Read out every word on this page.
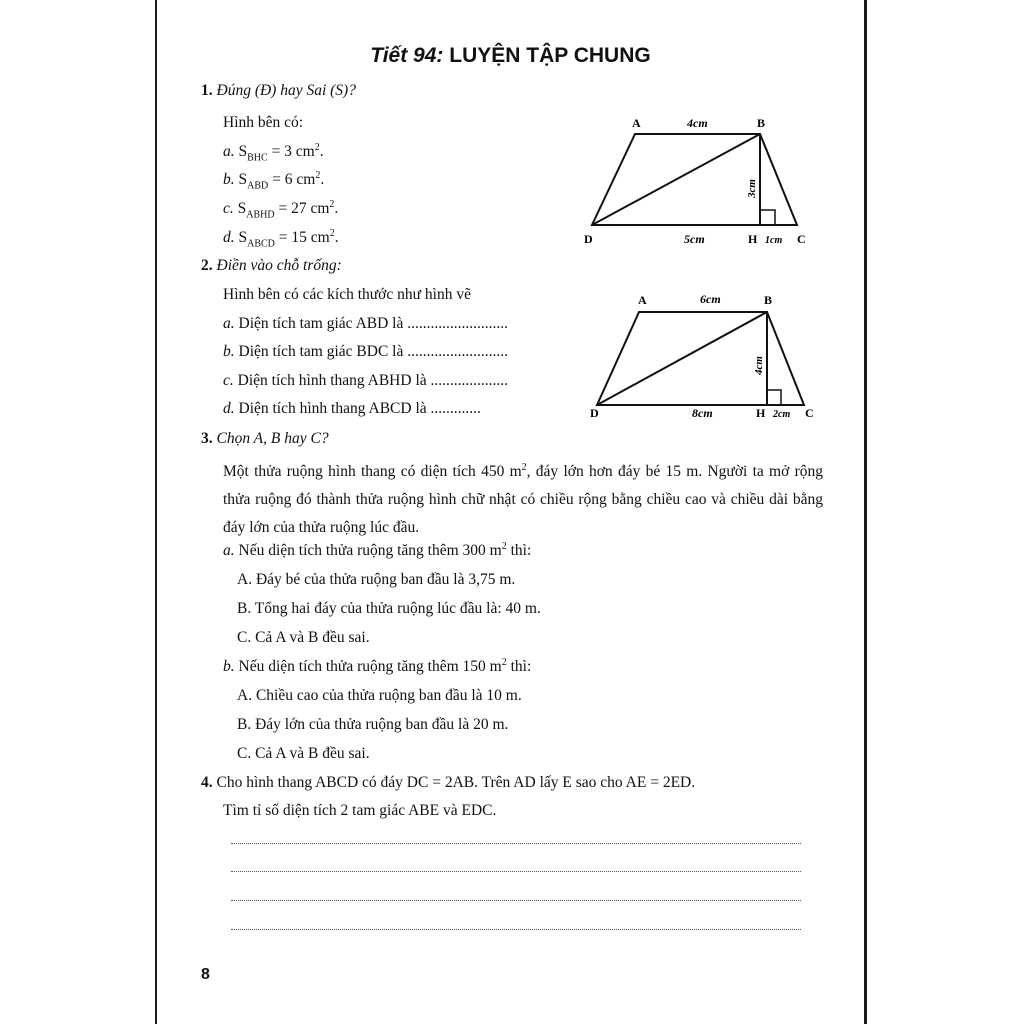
Tiết 94: LUYỆN TẬP CHUNG
1. Đúng (Đ) hay Sai (S)?
Hình bên có:
a. $S_{BHC} = 3$ $cm^2$.
b. $S_{ABD} = 6$ $cm^2$.
c. $S_{ABHD} = 27$ $cm^2$.
d. $S_{ABCD} = 15$ $cm^2$.
A	4cm	B
D	5cm	H 1cm C
3cm
2. Điền vào chỗ trống:
Hình bên có các kích thước như hình vẽ
a. Diện tích tam giác ABD là ..........................
b. Diện tích tam giác BDC là ..........................
c. Diện tích hình thang ABHD là ....................
d. Diện tích hình thang ABCD là .............
A	6cm	B
D	8cm	H 2cm C
4cm
3. Chọn A, B hay C?
Một thửa ruộng hình thang có diện tích 450 $m^2$, đáy lớn hơn đáy bé 15 m. Người ta mở rộng thửa ruộng đó thành thửa ruộng hình chữ nhật có chiều rộng bằng chiều cao và chiều dài bằng đáy lớn của thửa ruộng lúc đầu.
a. Nếu diện tích thửa ruộng tăng thêm 300 $m^2$ thì:
A. Đáy bé của thửa ruộng ban đầu là 3,75 m.
B. Tổng hai đáy của thửa ruộng lúc đầu là: 40 m.
C. Cả A và B đều sai.
b. Nếu diện tích thửa ruộng tăng thêm 150 $m^2$ thì:
A. Chiều cao của thửa ruộng ban đầu là 10 m.
B. Đáy lớn của thửa ruộng ban đầu là 20 m.
C. Cả A và B đều sai.
4. Cho hình thang ABCD có đáy DC = 2AB. Trên AD lấy E sao cho AE = 2ED.
Tìm tỉ số diện tích 2 tam giác ABE và EDC.
8
